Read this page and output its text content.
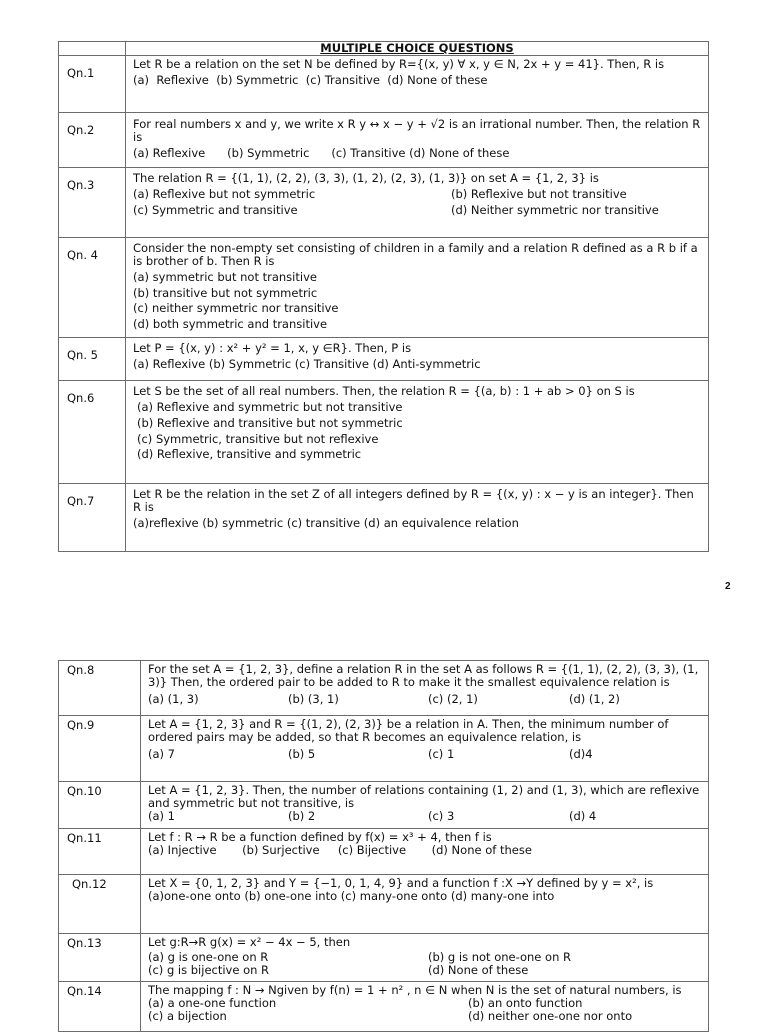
	MULTIPLE CHOICE QUESTIONS
Qn.1	Let R be a relation on the set N be defined by R={(x, y) ∀ x, y ∈ N, 2x + y = 41}. Then, R is
(a)  Reflexive  (b) Symmetric  (c) Transitive  (d) None of these

Qn.2	For real numbers x and y, we write x R y ↔ x − y + √2 is an irrational number. Then, the relation R is
(a) Reflexive      (b) Symmetric      (c) Transitive (d) None of these

Qn.3	The relation R = {(1, 1), (2, 2), (3, 3), (1, 2), (2, 3), (1, 3)} on set A = {1, 2, 3} is
(a) Reflexive but not symmetric (b) Reflexive but not transitive
(c) Symmetric and transitive (d) Neither symmetric nor transitive

Qn. 4	Consider the non-empty set consisting of children in a family and a relation R defined as a R b if a is brother of b. Then R is
(a) symmetric but not transitive
(b) transitive but not symmetric
(c) neither symmetric nor transitive
(d) both symmetric and transitive

Qn. 5	Let P = {(x, y) : x² + y² = 1, x, y ∈R}. Then, P is
(a) Reflexive (b) Symmetric (c) Transitive (d) Anti-symmetric

Qn.6	Let S be the set of all real numbers. Then, the relation R = {(a, b) : 1 + ab > 0} on S is
(a) Reflexive and symmetric but not transitive
(b) Reflexive and transitive but not symmetric
(c) Symmetric, transitive but not reflexive
(d) Reflexive, transitive and symmetric

Qn.7	Let R be the relation in the set Z of all integers defined by R = {(x, y) : x − y is an integer}. Then R is
(a)reflexive (b) symmetric (c) transitive (d) an equivalence relation
2
Qn.8	For the set A = {1, 2, 3}, define a relation R in the set A as follows R = {(1, 1), (2, 2), (3, 3), (1, 3)} Then, the ordered pair to be added to R to make it the smallest equivalence relation is
(a) (1, 3) (b) (3, 1) (c) (2, 1) (d) (1, 2)

Qn.9	Let A = {1, 2, 3} and R = {(1, 2), (2, 3)} be a relation in A. Then, the minimum number of ordered pairs may be added, so that R becomes an equivalence relation, is
(a) 7 (b) 5 (c) 1 (d)4

Qn.10	Let A = {1, 2, 3}. Then, the number of relations containing (1, 2) and (1, 3), which are reflexive and symmetric but not transitive, is
(a) 1 (b) 2 (c) 3 (d) 4

Qn.11	Let f : R → R be a function defined by f(x) = x³ + 4, then f is
(a) Injective       (b) Surjective     (c) Bijective       (d) None of these

Qn.12	Let X = {0, 1, 2, 3} and Y = {−1, 0, 1, 4, 9} and a function f :X →Y defined by y = x², is
(a)one-one onto (b) one-one into (c) many-one onto (d) many-one into

Qn.13	Let g:R→R g(x) = x² − 4x − 5, then
(a) g is one-one on R (b) g is not one-one on R
(c) g is bijective on R (d) None of these

Qn.14	The mapping f : N → Ngiven by f(n) = 1 + n² , n ∈ N when N is the set of natural numbers, is
(a) a one-one function (b) an onto function
(c) a bijection (d) neither one-one nor onto
